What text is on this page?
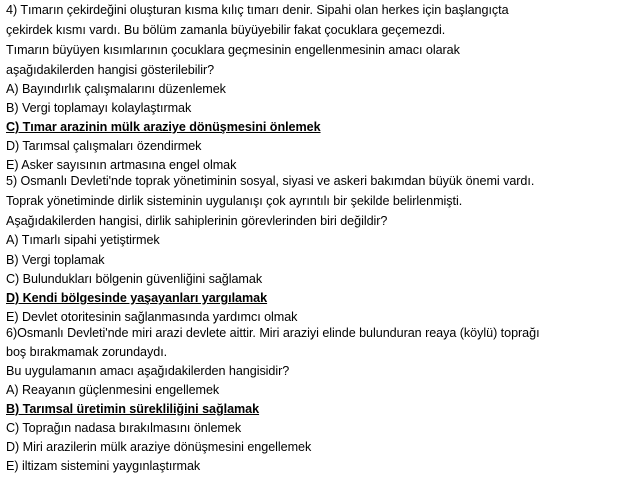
4) Tımarın çekirdeğini oluşturan kısma kılıç tımarı denir. Sipahi olan herkes için başlangıçta
çekirdek kısmı vardı. Bu bölüm zamanla büyüyebilir fakat çocuklara geçemezdi.
Tımarın büyüyen kısımlarının çocuklara geçmesinin engellenmesinin amacı olarak
aşağıdakilerden hangisi gösterilebilir?
A) Bayındırlık çalışmalarını düzenlemek
B) Vergi toplamayı kolaylaştırmak
C) Tımar arazinin mülk araziye dönüşmesini önlemek
D) Tarımsal çalışmaları özendirmek
E) Asker sayısının artmasına engel olmak
5) Osmanlı Devleti'nde toprak yönetiminin sosyal, siyasi ve askeri bakımdan büyük önemi vardı.
Toprak yönetiminde dirlik sisteminin uygulanışı çok ayrıntılı bir şekilde belirlenmişti.
Aşağıdakilerden hangisi, dirlik sahiplerinin görevlerinden biri değildir?
A) Tımarlı sipahi yetiştirmek
B) Vergi toplamak
C) Bulundukları bölgenin güvenliğini sağlamak
D) Kendi bölgesinde yaşayanları yargılamak
E) Devlet otoritesinin sağlanmasında yardımcı olmak
6)Osmanlı Devleti'nde miri arazi devlete aittir. Miri araziyi elinde bulunduran reaya (köylü) toprağı
boş bırakmamak zorundaydı.
Bu uygulamanın amacı aşağıdakilerden hangisidir?
A) Reayanın güçlenmesini engellemek
B) Tarımsal üretimin sürekliliğini sağlamak
C) Toprağın nadasa bırakılmasını önlemek
D) Miri arazilerin mülk araziye dönüşmesini engellemek
E) iltizam sistemini yaygınlaştırmak
